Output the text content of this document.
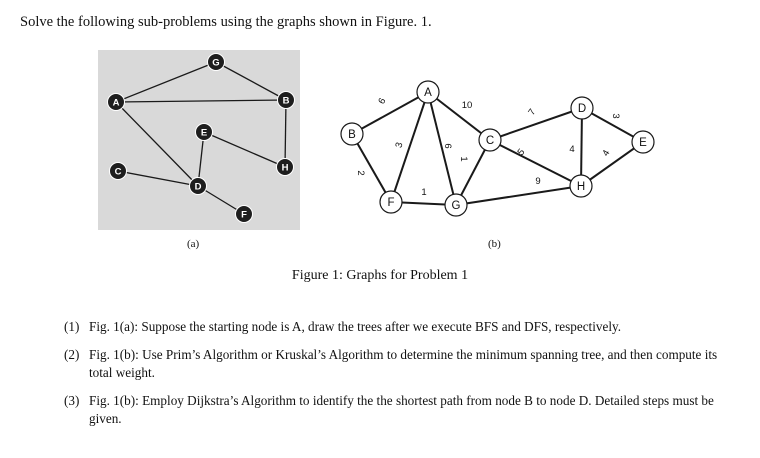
Solve the following sub-problems using the graphs shown in Figure. 1.
G
A	B
E
C	H
D
F
6	10
3	6
2
1
1
7
5
9
4
3
4
A
B	C
D
E
F	G
H
(a)	(b)
Figure 1: Graphs for Problem 1
(1) Fig. 1(a): Suppose the starting node is A, draw the trees after we execute BFS and DFS, respectively.
(2) Fig. 1(b): Use Prim’s Algorithm or Kruskal’s Algorithm to determine the minimum spanning tree, and then compute its total weight.
(3) Fig. 1(b): Employ Dijkstra’s Algorithm to identify the the shortest path from node B to node D. Detailed steps must be given.
